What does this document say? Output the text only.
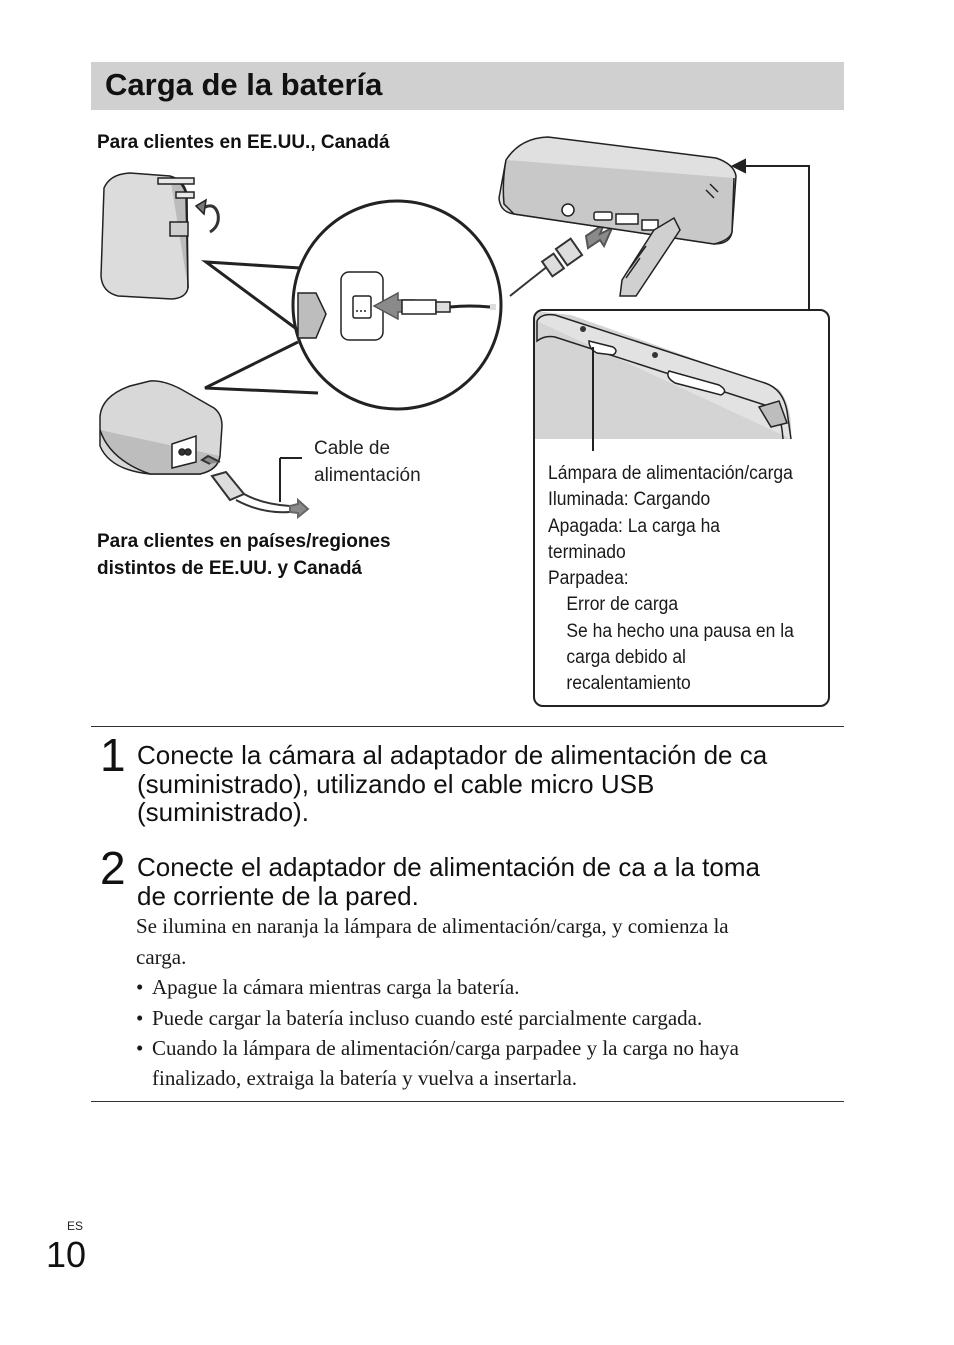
Carga de la batería
Para clientes en EE.UU., Canadá
Cable de
alimentación
Para clientes en países/regiones
distintos de EE.UU. y Canadá
Lámpara de alimentación/carga
Iluminada: Cargando
Apagada: La carga ha
terminado
Parpadea:
Error de carga
Se ha hecho una pausa en la
carga debido al
recalentamiento
1 Conecte la cámara al adaptador de alimentación de ca
(suministrado), utilizando el cable micro USB
(suministrado).
2 Conecte el adaptador de alimentación de ca a la toma
de corriente de la pared.
Se ilumina en naranja la lámpara de alimentación/carga, y comienza la
carga.
• Apague la cámara mientras carga la batería.
• Puede cargar la batería incluso cuando esté parcialmente cargada.
• Cuando la lámpara de alimentación/carga parpadee y la carga no haya
finalizado, extraiga la batería y vuelva a insertarla.
ES
10
